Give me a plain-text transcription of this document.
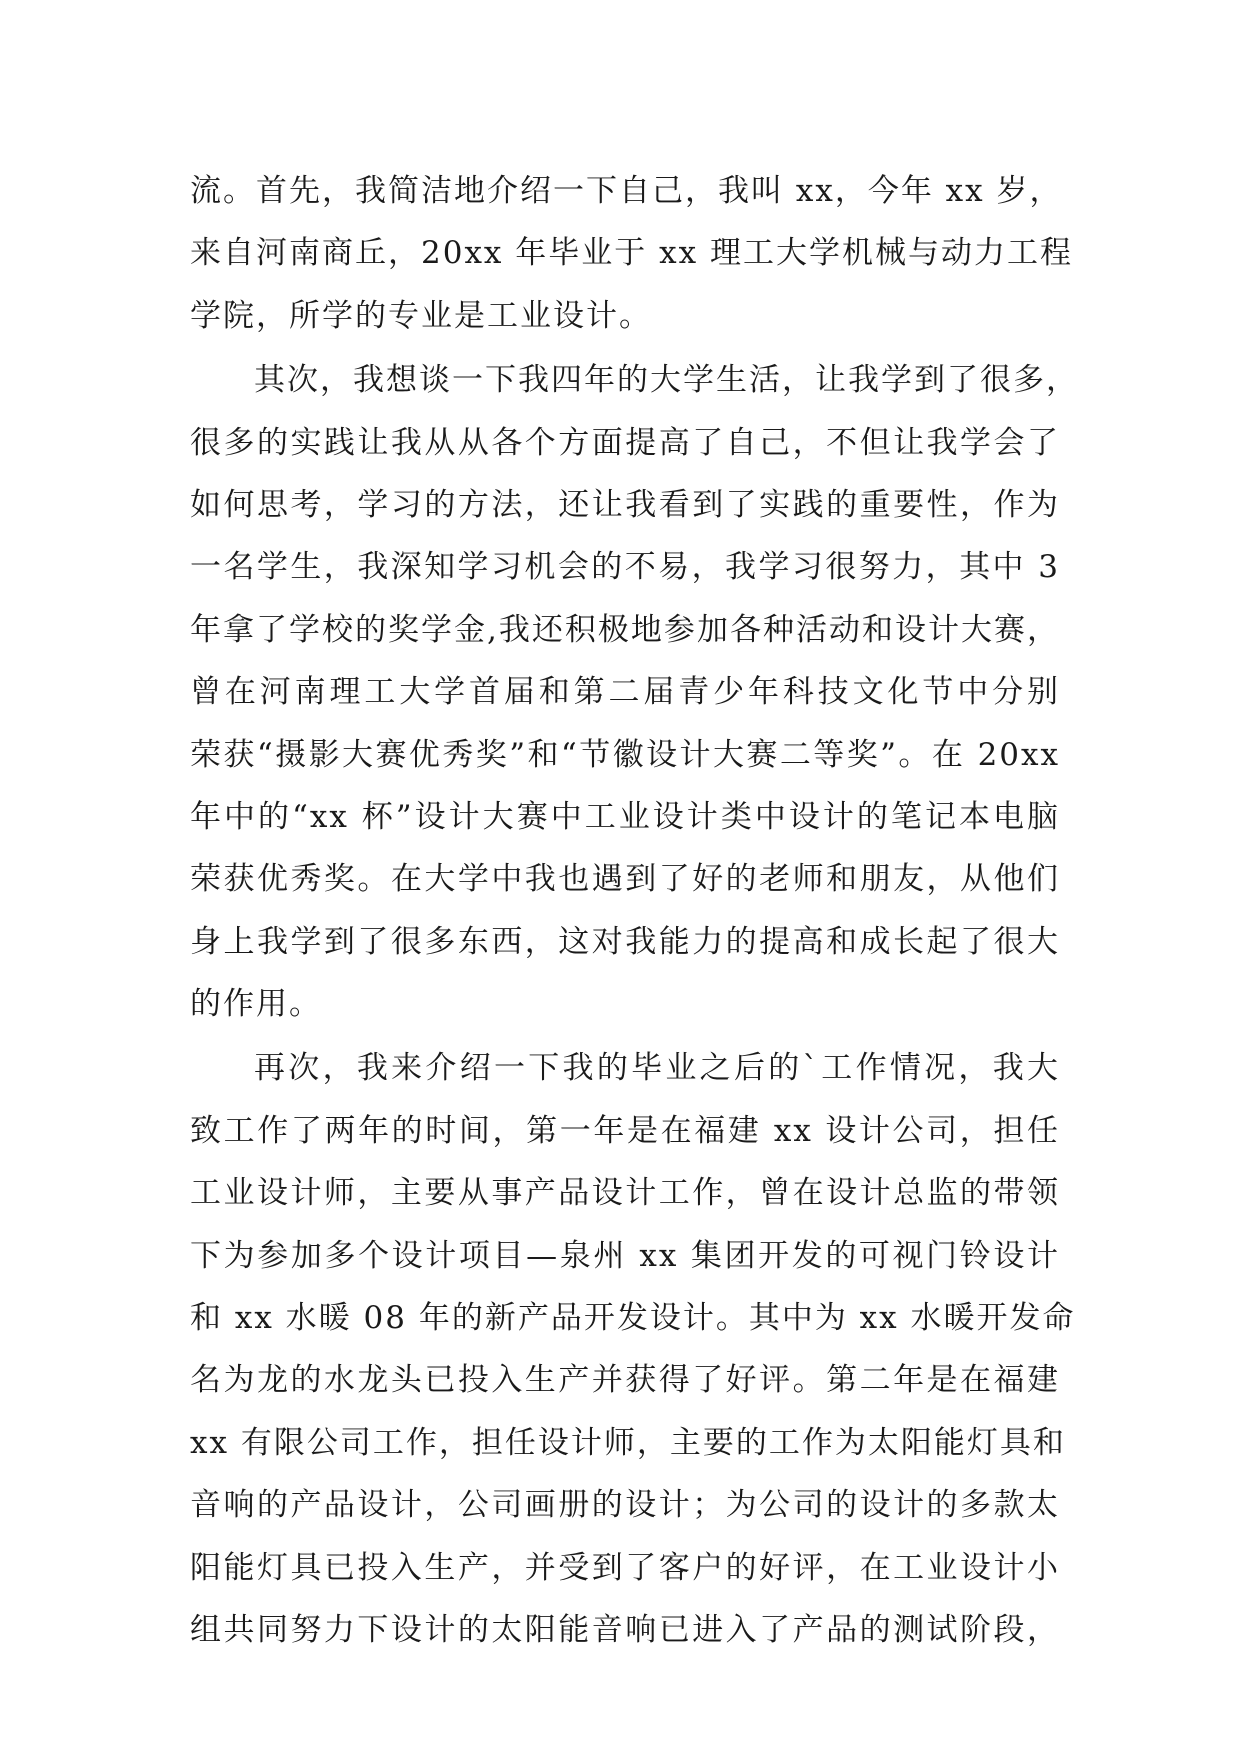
流。首先，我简洁地介绍一下自己，我叫 xx，今年 xx 岁，
来自河南商丘，20xx 年毕业于 xx 理工大学机械与动力工程
学院，所学的专业是工业设计。
其次，我想谈一下我四年的大学生活，让我学到了很多，
很多的实践让我从从各个方面提高了自己，不但让我学会了
如何思考，学习的方法，还让我看到了实践的重要性，作为
一名学生，我深知学习机会的不易，我学习很努力，其中 3
年拿了学校的奖学金,我还积极地参加各种活动和设计大赛，
曾在河南理工大学首届和第二届青少年科技文化节中分别
荣获“摄影大赛优秀奖”和“节徽设计大赛二等奖”。在 20xx
年中的“xx 杯”设计大赛中工业设计类中设计的笔记本电脑
荣获优秀奖。在大学中我也遇到了好的老师和朋友，从他们
身上我学到了很多东西，这对我能力的提高和成长起了很大
的作用。
再次，我来介绍一下我的毕业之后的`工作情况，我大
致工作了两年的时间，第一年是在福建 xx 设计公司，担任
工业设计师，主要从事产品设计工作，曾在设计总监的带领
下为参加多个设计项目—泉州 xx 集团开发的可视门铃设计
和 xx 水暖 08 年的新产品开发设计。其中为 xx 水暖开发命
名为龙的水龙头已投入生产并获得了好评。第二年是在福建
xx 有限公司工作，担任设计师，主要的工作为太阳能灯具和
音响的产品设计，公司画册的设计；为公司的设计的多款太
阳能灯具已投入生产，并受到了客户的好评，在工业设计小
组共同努力下设计的太阳能音响已进入了产品的测试阶段，
